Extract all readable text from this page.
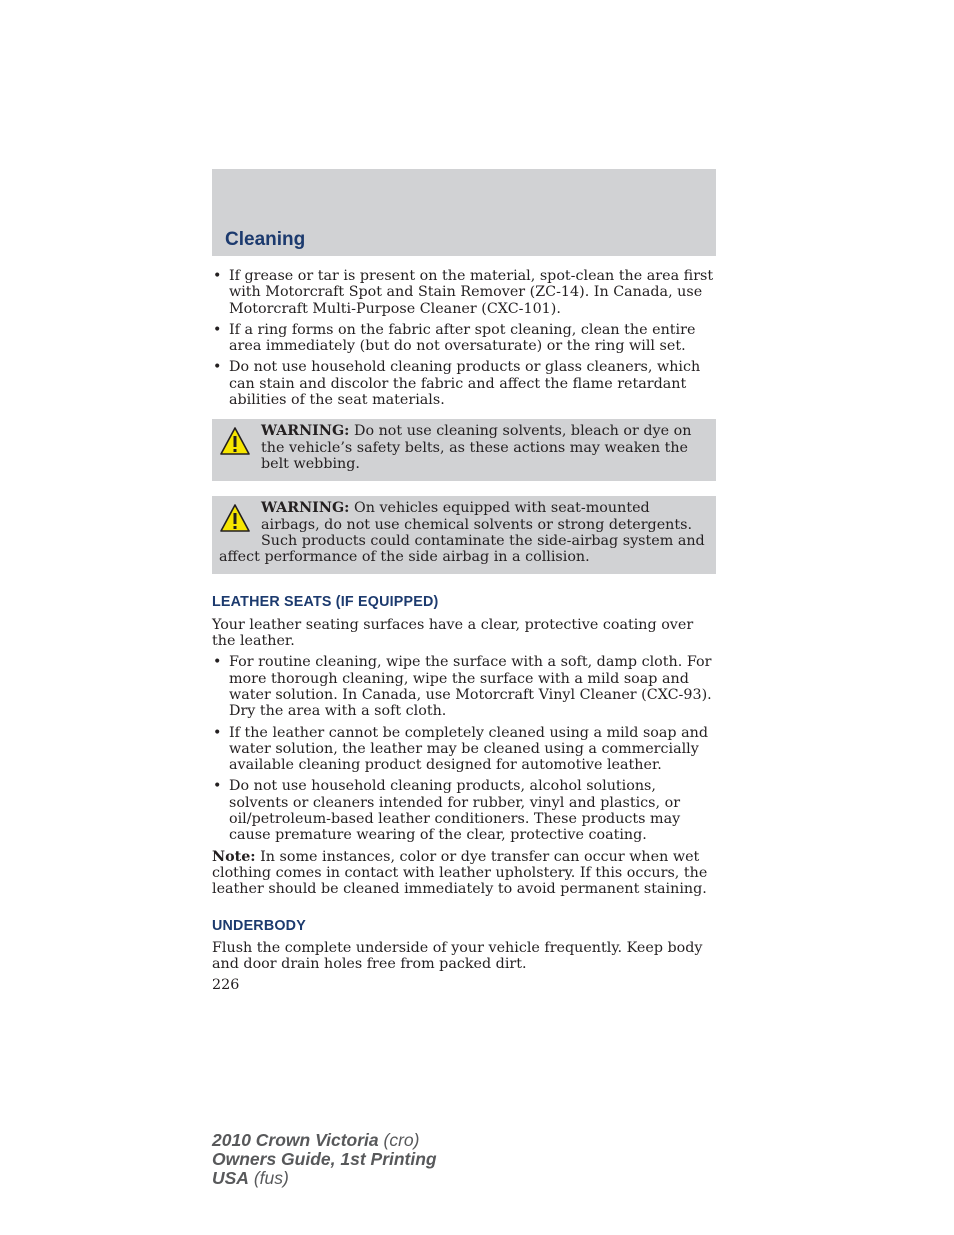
Cleaning
• If grease or tar is present on the material, spot-clean the area first with Motorcraft Spot and Stain Remover (ZC-14). In Canada, use Motorcraft Multi-Purpose Cleaner (CXC-101).
• If a ring forms on the fabric after spot cleaning, clean the entire area immediately (but do not oversaturate) or the ring will set.
• Do not use household cleaning products or glass cleaners, which can stain and discolor the fabric and affect the flame retardant abilities of the seat materials.
WARNING: Do not use cleaning solvents, bleach or dye on the vehicle’s safety belts, as these actions may weaken the belt webbing.
WARNING: On vehicles equipped with seat-mounted airbags, do not use chemical solvents or strong detergents. Such products could contaminate the side-airbag system and affect performance of the side airbag in a collision.
LEATHER SEATS (IF EQUIPPED)

Your leather seating surfaces have a clear, protective coating over the leather.

• For routine cleaning, wipe the surface with a soft, damp cloth. For more thorough cleaning, wipe the surface with a mild soap and water solution. In Canada, use Motorcraft Vinyl Cleaner (CXC-93). Dry the area with a soft cloth.
• If the leather cannot be completely cleaned using a mild soap and water solution, the leather may be cleaned using a commercially available cleaning product designed for automotive leather.
• Do not use household cleaning products, alcohol solutions, solvents or cleaners intended for rubber, vinyl and plastics, or oil/petroleum-based leather conditioners. These products may cause premature wearing of the clear, protective coating.

Note: In some instances, color or dye transfer can occur when wet clothing comes in contact with leather upholstery. If this occurs, the leather should be cleaned immediately to avoid permanent staining.

UNDERBODY

Flush the complete underside of your vehicle frequently. Keep body and door drain holes free from packed dirt.

226
2010 Crown Victoria (cro)
Owners Guide, 1st Printing
USA (fus)
